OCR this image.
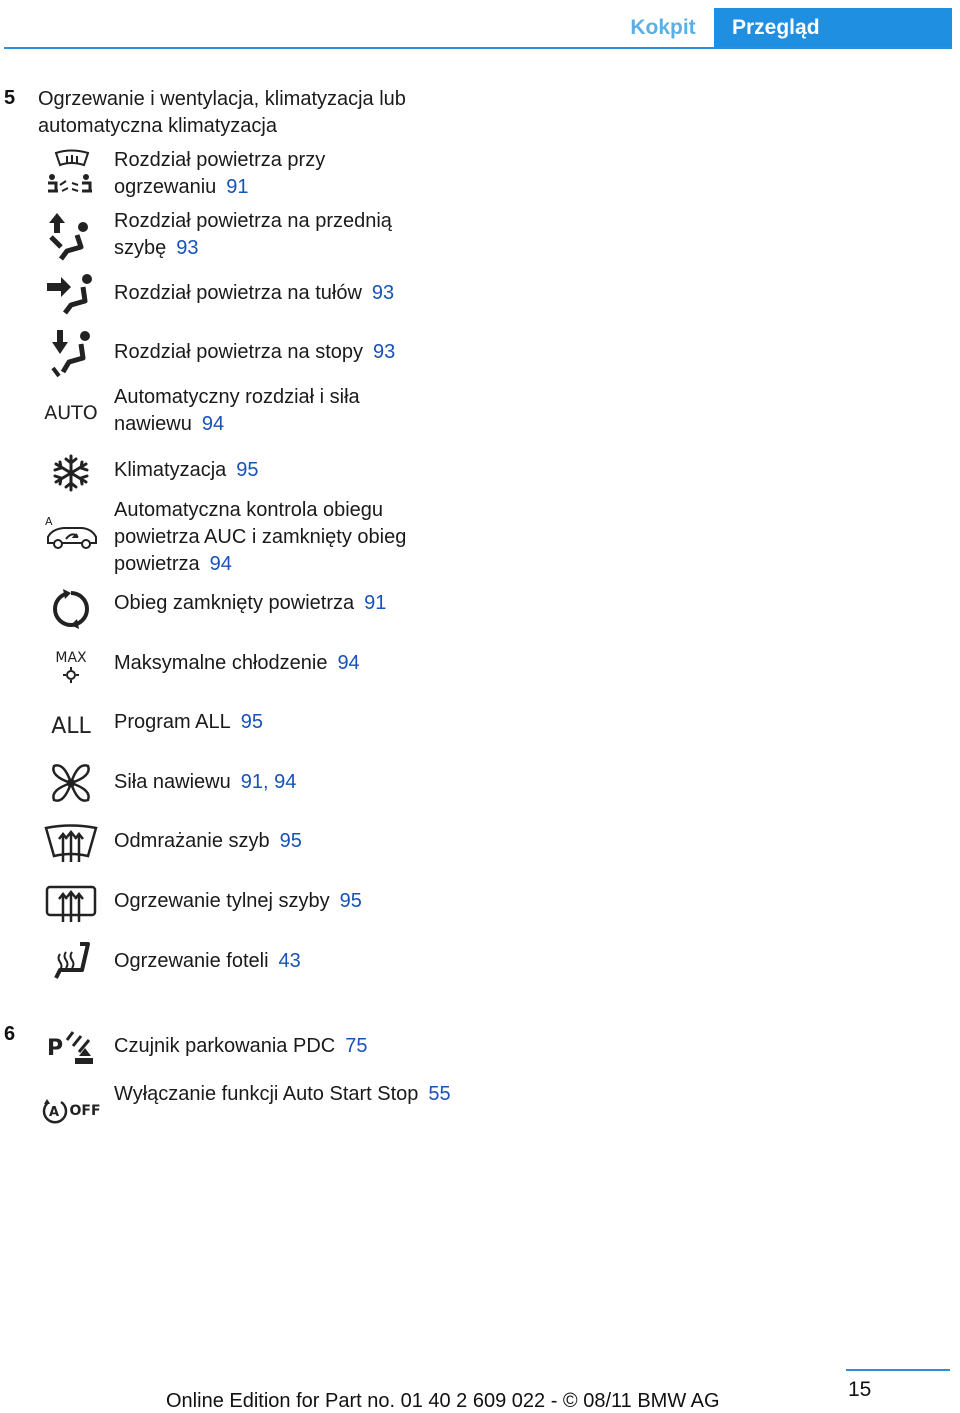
Kokpit	Przegląd
5 Ogrzewanie i wentylacja, klimatyzacja lub automatyczna klimatyzacja
Rozdział powietrza przy ogrzewaniu 91
Rozdział powietrza na przednią szybę 93
Rozdział powietrza na tułów 93
Rozdział powietrza na stopy 93
AUTO
Automatyczny rozdział i siła nawiewu 94
Klimatyzacja 95
A
Automatyczna kontrola obiegu powietrza AUC i zamknięty obieg powietrza 94
Obieg zamknięty powietrza 91
MAX Maksymalne chłodzenie 94
ALL Program ALL 95
Siła nawiewu 91, 94
Odmrażanie szyb 95
Ogrzewanie tylnej szyby 95
Ogrzewanie foteli 43
6
P	Czujnik parkowania PDC 75
A OFF
Wyłączanie funkcji Auto Start Stop 55
15
Online Edition for Part no. 01 40 2 609 022 - © 08/11 BMW AG
